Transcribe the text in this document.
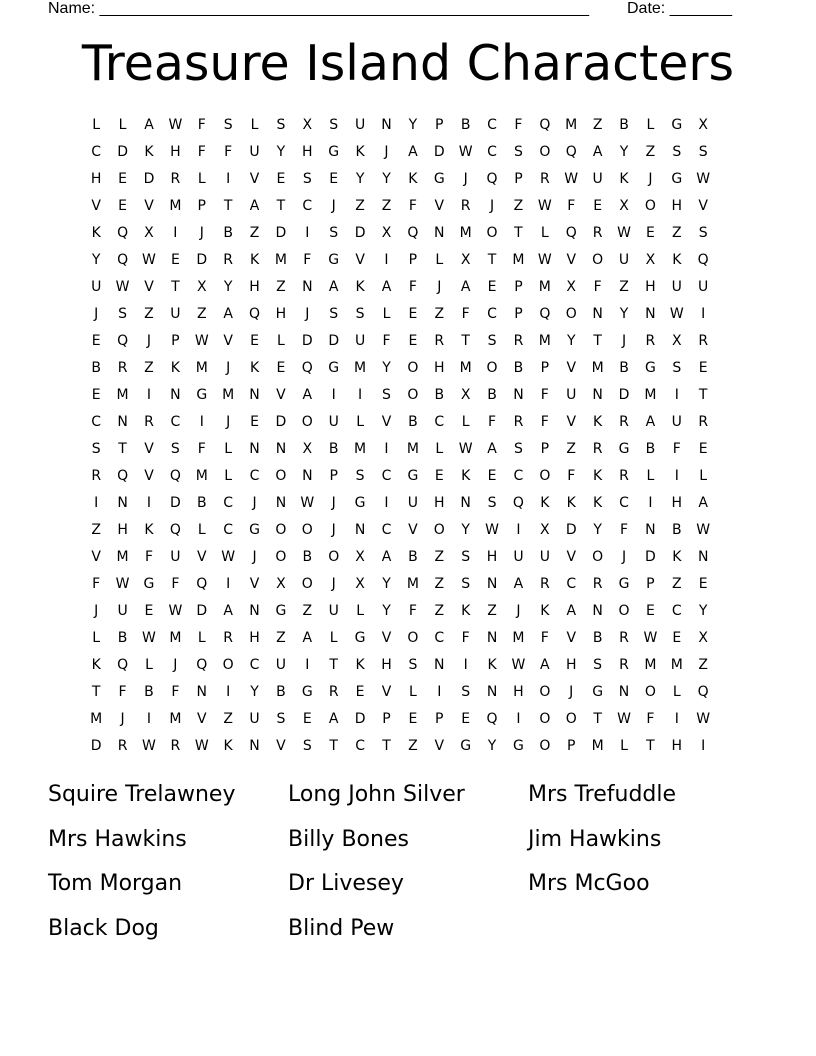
Name: _______________________________________________________ Date: _______
Treasure Island Characters
L	L	A	W	F	S	L	S	X	S	U	N	Y	P	B	C	F	Q	M	Z	B	L	G	X
C	D	K	H	F	F	U	Y	H	G	K	J	A	D	W	C	S	O	Q	A	Y	Z	S	S
H	E	D	R	L	I	V	E	S	E	Y	Y	K	G	J	Q	P	R	W	U	K	J	G	W
V	E	V	M	P	T	A	T	C	J	Z	Z	F	V	R	J	Z	W	F	E	X	O	H	V
K	Q	X	I	J	B	Z	D	I	S	D	X	Q	N	M	O	T	L	Q	R	W	E	Z	S
Y	Q W	E	D	R	K	M	F	G	V	I	P	L	X	T	M W	V	O	U	X	K	Q
U	W	V	T	X	Y	H	Z	N	A	K	A	F	J	A	E	P	M	X	F	Z	H	U	U
J	S	Z	U	Z	A	Q	H	J	S	S	L	E	Z	F	C	P	Q	O	N	Y	N	W	I
E	Q	J	P	W	V	E	L	D	D	U	F	E	R	T	S	R	M	Y	T	J	R	X	R
B	R	Z	K	M	J	K	E	Q	G	M	Y	O	H	M	O	B	P	V	M	B	G	S	E
E	M	I	N	G	M	N	V	A	I	I	S	O	B	X	B	N	F	U	N	D	M	I	T
C	N	R	C	I	J	E	D	O	U	L	V	B	C	L	F	R	F	V	K	R	A	U	R
S	T	V	S	F	L	N	N	X	B	M	I	M	L	W	A	S	P	Z	R	G	B	F	E
R	Q	V	Q	M	L	C	O	N	P	S	C	G	E	K	E	C	O	F	K	R	L	I	L
I	N	I	D	B	C	J	N	W	J	G	I	U	H	N	S	Q	K	K	K	C	I	H	A
Z	H	K	Q	L	C	G	O	O	J	N	C	V	O	Y	W	I	X	D	Y	F	N	B	W
V	M	F	U	V	W	J	O	B	O	X	A	B	Z	S	H	U	U	V	O	J	D	K	N
F	W	G	F	Q	I	V	X	O	J	X	Y	M	Z	S	N	A	R	C	R	G	P	Z	E
J	U	E	W	D	A	N	G	Z	U	L	Y	F	Z	K	Z	J	K	A	N	O	E	C	Y
L	B	W M	L	R	H	Z	A	L	G	V	O	C	F	N	M	F	V	B	R	W	E	X
K	Q	L	J	Q	O	C	U	I	T	K	H	S	N	I	K	W	A	H	S	R	M	M	Z
T	F	B	F	N	I	Y	B	G	R	E	V	L	I	S	N	H	O	J	G	N	O	L	Q
M	J	I	M	V	Z	U	S	E	A	D	P	E	P	E	Q	I	O	O	T	W	F	I	W
D	R	W	R	W	K	N	V	S	T	C	T	Z	V	G	Y	G	O	P	M	L	T	H	I
Squire Trelawney	Long John Silver	Mrs Trefuddle
Mrs Hawkins	Billy Bones	Jim Hawkins
Tom Morgan	Dr Livesey	Mrs McGoo
Black Dog	Blind Pew
